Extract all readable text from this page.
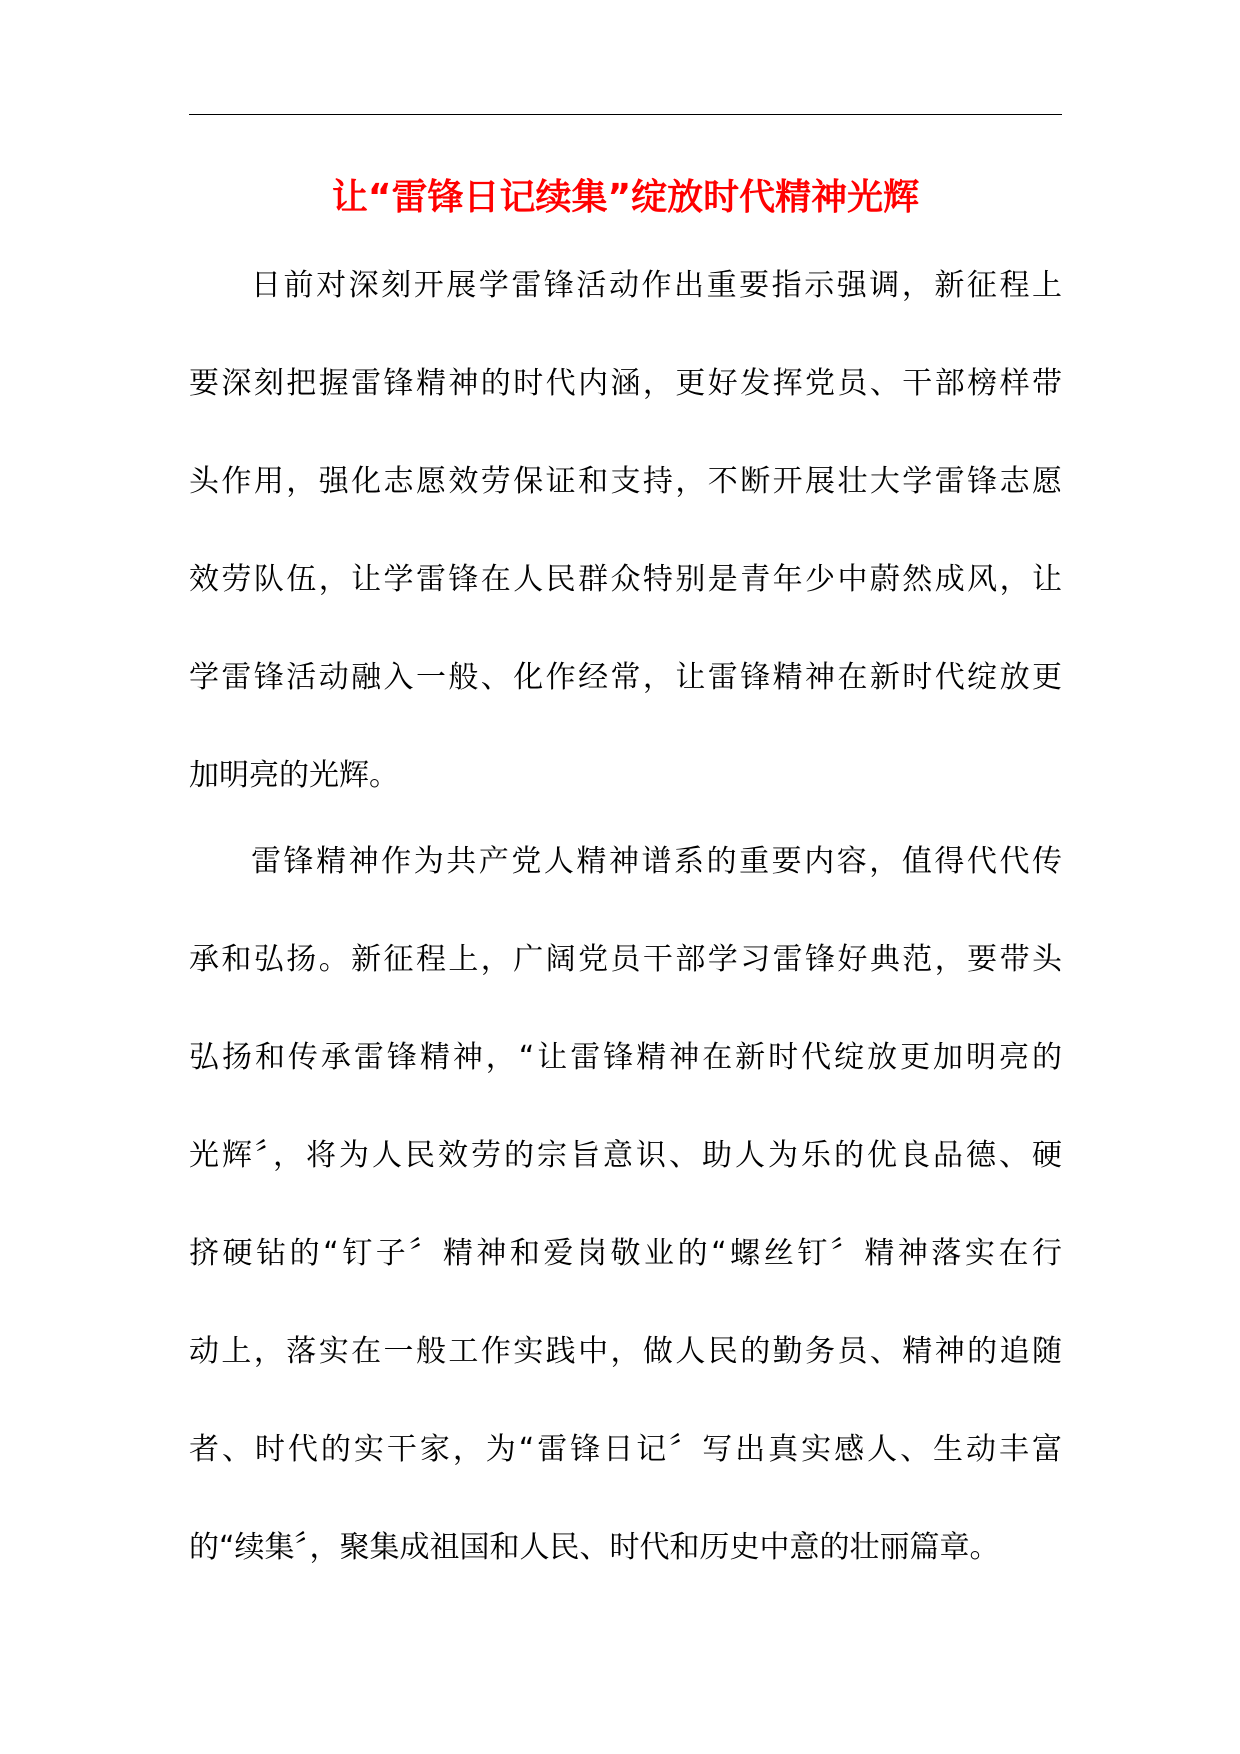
让“雷锋日记续集”绽放时代精神光辉
日前对深刻开展学雷锋活动作出重要指示强调，新征程上
要深刻把握雷锋精神的时代内涵，更好发挥党员、干部榜样带
头作用，强化志愿效劳保证和支持，不断开展壮大学雷锋志愿
效劳队伍，让学雷锋在人民群众特别是青年少中蔚然成风，让
学雷锋活动融入一般、化作经常，让雷锋精神在新时代绽放更
加明亮的光辉。
雷锋精神作为共产党人精神谱系的重要内容，值得代代传
承和弘扬。新征程上，广阔党员干部学习雷锋好典范，要带头
弘扬和传承雷锋精神，“让雷锋精神在新时代绽放更加明亮的
光辉〞，将为人民效劳的宗旨意识、助人为乐的优良品德、硬
挤硬钻的“钉子〞精神和爱岗敬业的“螺丝钉〞精神落实在行
动上，落实在一般工作实践中，做人民的勤务员、精神的追随
者、时代的实干家，为“雷锋日记〞写出真实感人、生动丰富
的“续集〞，聚集成祖国和人民、时代和历史中意的壮丽篇章。
